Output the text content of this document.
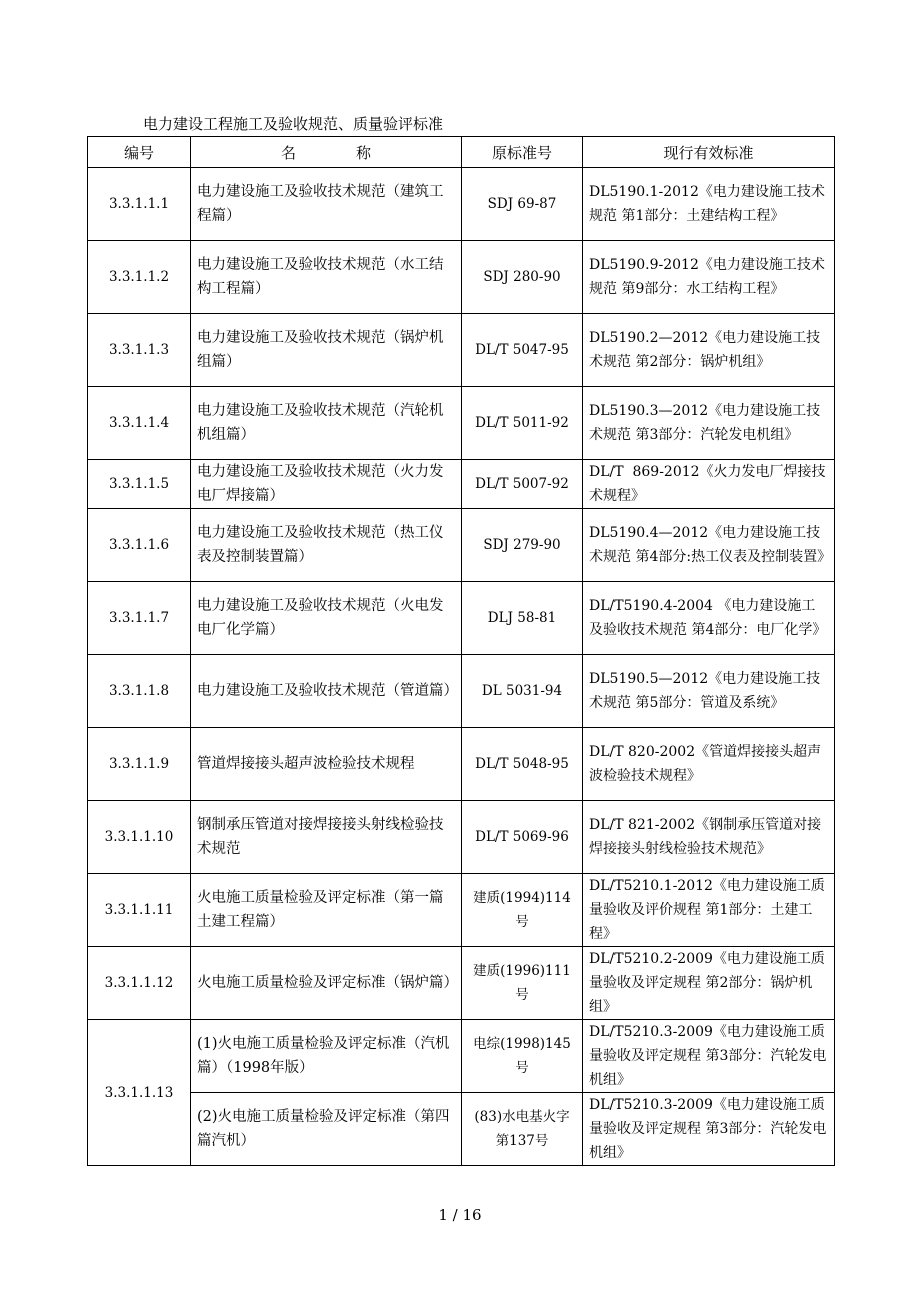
电力建设工程施工及验收规范、质量验评标准
编号	名　　　　称	原标准号	现行有效标准
3.3.1.1.1	电力建设施工及验收技术规范（建筑工程篇）	SDJ 69-87	DL5190.1-2012《电力建设施工技术规范 第1部分：土建结构工程》
3.3.1.1.2	电力建设施工及验收技术规范（水工结构工程篇）	SDJ 280-90	DL5190.9-2012《电力建设施工技术规范 第9部分：水工结构工程》
3.3.1.1.3	电力建设施工及验收技术规范（锅炉机组篇）	DL/T 5047-95	DL5190.2—2012《电力建设施工技术规范 第2部分：锅炉机组》
3.3.1.1.4	电力建设施工及验收技术规范（汽轮机机组篇）	DL/T 5011-92	DL5190.3—2012《电力建设施工技术规范 第3部分：汽轮发电机组》
3.3.1.1.5	电力建设施工及验收技术规范（火力发电厂焊接篇）	DL/T 5007-92	DL/T  869-2012《火力发电厂焊接技术规程》
3.3.1.1.6	电力建设施工及验收技术规范（热工仪表及控制装置篇）	SDJ 279-90	DL5190.4—2012《电力建设施工技术规范 第4部分:热工仪表及控制装置》
3.3.1.1.7	电力建设施工及验收技术规范（火电发电厂化学篇）	DLJ 58-81	DL/T5190.4-2004 《电力建设施工及验收技术规范 第4部分：电厂化学》
3.3.1.1.8	电力建设施工及验收技术规范（管道篇）	DL 5031-94	DL5190.5—2012《电力建设施工技术规范 第5部分：管道及系统》
3.3.1.1.9	管道焊接接头超声波检验技术规程	DL/T 5048-95	DL/T 820-2002《管道焊接接头超声波检验技术规程》
3.3.1.1.10	钢制承压管道对接焊接接头射线检验技术规范	DL/T 5069-96	DL/T 821-2002《钢制承压管道对接焊接接头射线检验技术规范》
3.3.1.1.11	火电施工质量检验及评定标准（第一篇土建工程篇）	建质(1994)114号	DL/T5210.1-2012《电力建设施工质量验收及评价规程 第1部分：土建工程》
3.3.1.1.12	火电施工质量检验及评定标准（锅炉篇）	建质(1996)111号	DL/T5210.2-2009《电力建设施工质量验收及评定规程 第2部分：锅炉机组》
3.3.1.1.13	(1)火电施工质量检验及评定标准（汽机篇）（1998年版）	电综(1998)145号	DL/T5210.3-2009《电力建设施工质量验收及评定规程 第3部分：汽轮发电机组》
	(2)火电施工质量检验及评定标准（第四篇汽机）	(83)水电基火字第137号	DL/T5210.3-2009《电力建设施工质量验收及评定规程 第3部分：汽轮发电机组》
1 / 16
